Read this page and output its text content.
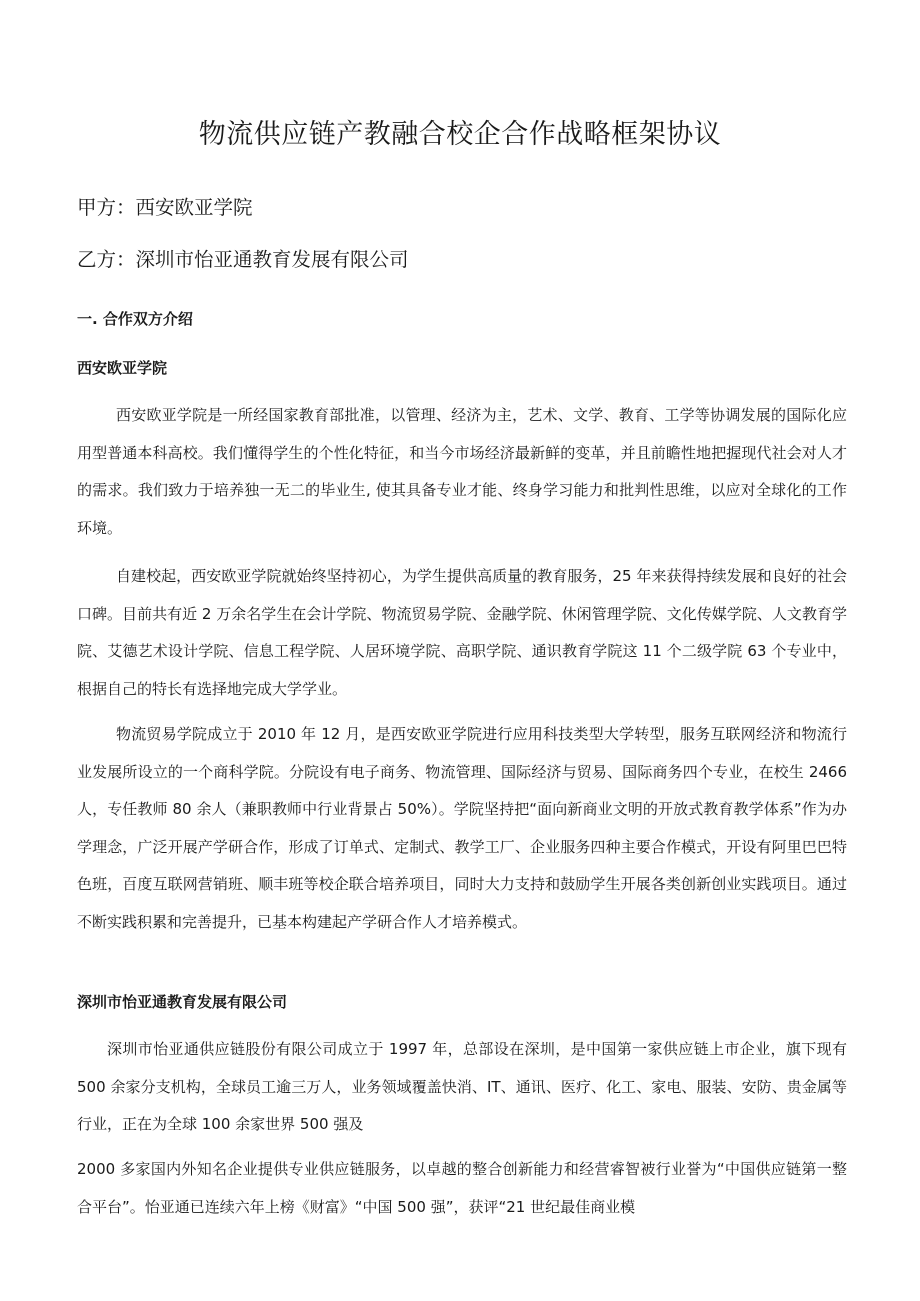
物流供应链产教融合校企合作战略框架协议

甲方：西安欧亚学院

乙方：深圳市怡亚通教育发展有限公司

一. 合作双方介绍

西安欧亚学院

西安欧亚学院是一所经国家教育部批准，以管理、经济为主，艺术、文学、教育、工学等协调发展的国际化应用型普通本科高校。我们懂得学生的个性化特征，和当今市场经济最新鲜的变革，并且前瞻性地把握现代社会对人才的需求。我们致力于培养独一无二的毕业生, 使其具备专业才能、终身学习能力和批判性思维，以应对全球化的工作环境。

自建校起，西安欧亚学院就始终坚持初心，为学生提供高质量的教育服务，25 年来获得持续发展和良好的社会口碑。目前共有近 2 万余名学生在会计学院、物流贸易学院、金融学院、休闲管理学院、文化传媒学院、人文教育学院、艾德艺术设计学院、信息工程学院、人居环境学院、高职学院、通识教育学院这 11 个二级学院 63 个专业中，根据自己的特长有选择地完成大学学业。

物流贸易学院成立于 2010 年 12 月，是西安欧亚学院进行应用科技类型大学转型，服务互联网经济和物流行业发展所设立的一个商科学院。分院设有电子商务、物流管理、国际经济与贸易、国际商务四个专业，在校生 2466 人，专任教师 80 余人（兼职教师中行业背景占 50%）。学院坚持把“面向新商业文明的开放式教育教学体系”作为办学理念，广泛开展产学研合作，形成了订单式、定制式、教学工厂、企业服务四种主要合作模式，开设有阿里巴巴特色班，百度互联网营销班、顺丰班等校企联合培养项目，同时大力支持和鼓励学生开展各类创新创业实践项目。通过不断实践积累和完善提升，已基本构建起产学研合作人才培养模式。

深圳市怡亚通教育发展有限公司

深圳市怡亚通供应链股份有限公司成立于 1997 年，总部设在深圳，是中国第一家供应链上市企业，旗下现有 500 余家分支机构，全球员工逾三万人，业务领域覆盖快消、IT、通讯、医疗、化工、家电、服装、安防、贵金属等行业，正在为全球 100 余家世界 500 强及

2000 多家国内外知名企业提供专业供应链服务，以卓越的整合创新能力和经营睿智被行业誉为“中国供应链第一整合平台”。怡亚通已连续六年上榜《财富》“中国 500 强”，获评“21 世纪最佳商业模
